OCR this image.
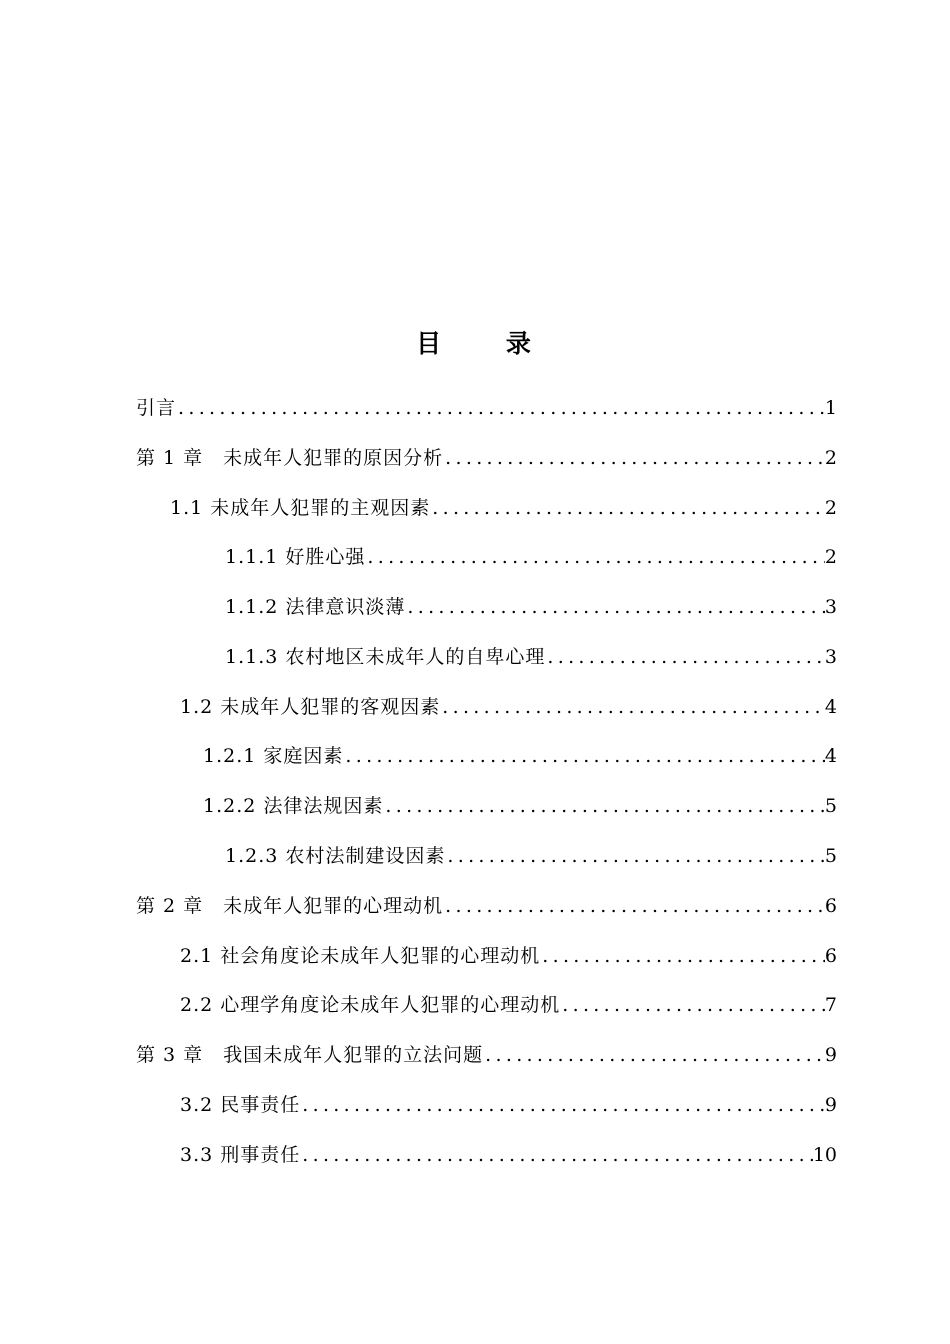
目 录
引言 .....	1
第 1 章　未成年人犯罪的原因分析 .....	2
1.1 未成年人犯罪的主观因素 .....	2
1.1.1 好胜心强 .....	2
1.1.2 法律意识淡薄 .....	3
1.1.3 农村地区未成年人的自卑心理 .....	3
1.2 未成年人犯罪的客观因素 .....	4
1.2.1 家庭因素 .....	4
1.2.2 法律法规因素 .....	5
1.2.3 农村法制建设因素 .....	5
第 2 章　未成年人犯罪的心理动机 .....	6
2.1 社会角度论未成年人犯罪的心理动机 .....	6
2.2 心理学角度论未成年人犯罪的心理动机 .....	7
第 3 章　我国未成年人犯罪的立法问题 .....	9
3.2 民事责任 .....	9
3.3 刑事责任 .....	10
